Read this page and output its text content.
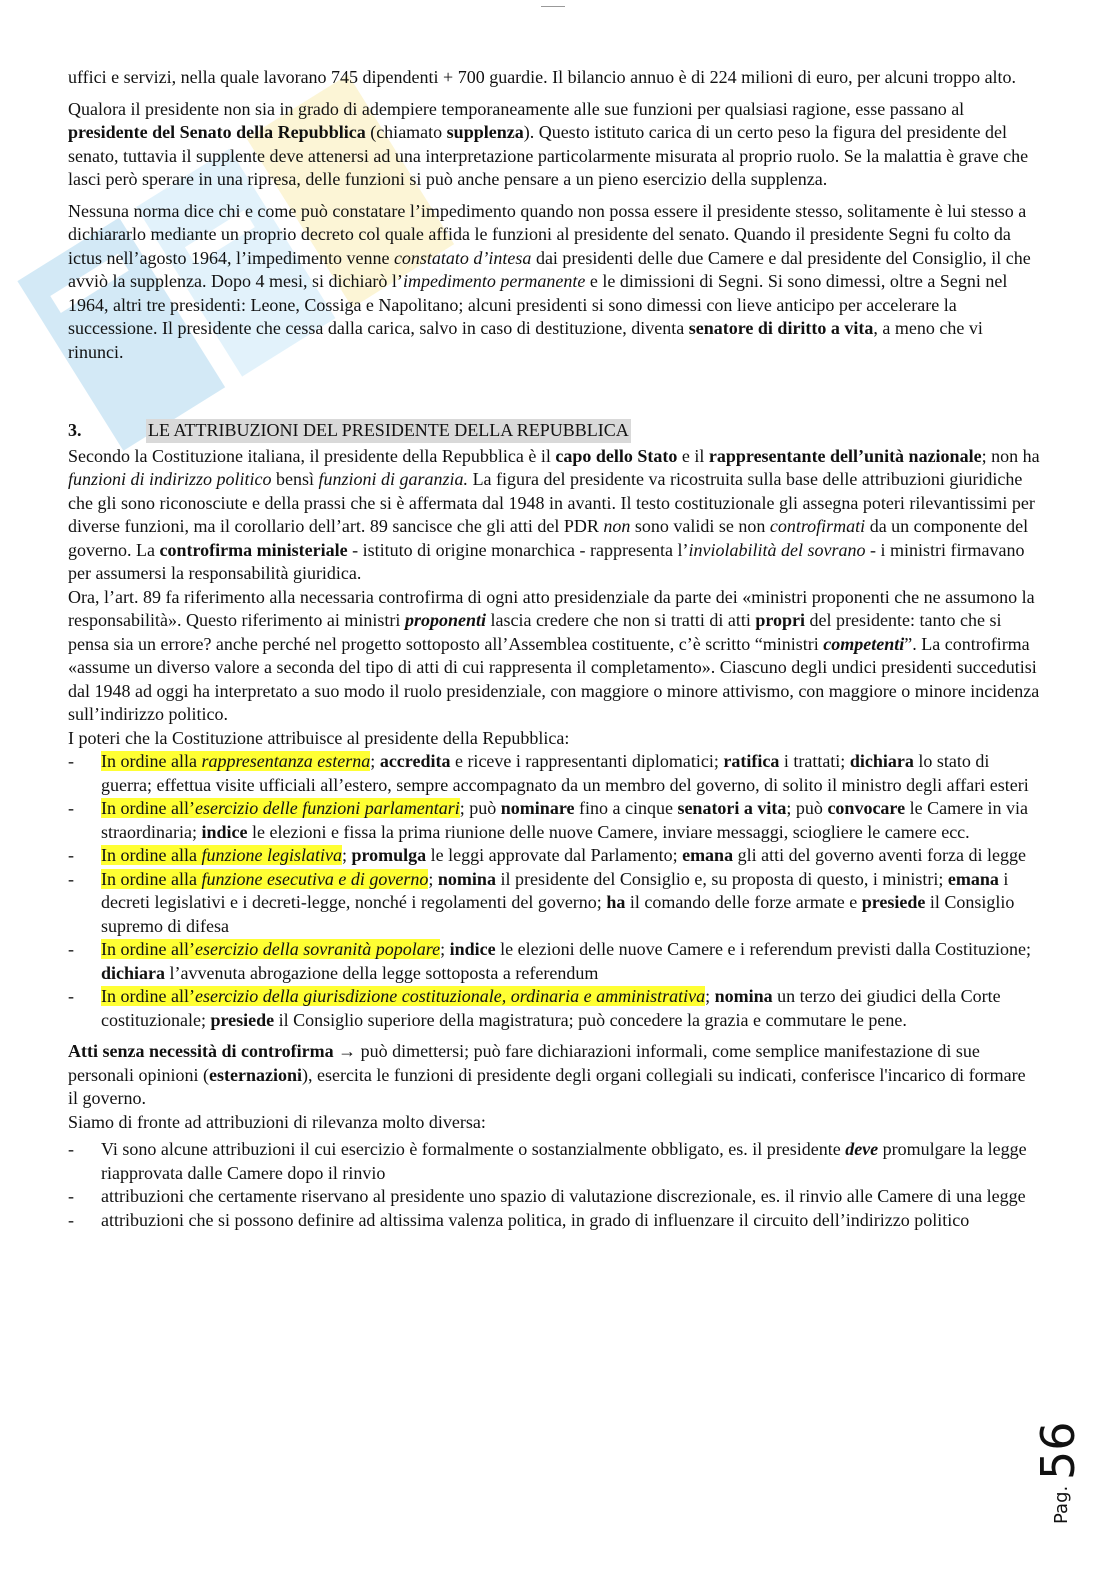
uffici e servizi, nella quale lavorano 745 dipendenti + 700 guardie. Il bilancio annuo è di 224 milioni di euro, per alcuni troppo alto.

Qualora il presidente non sia in grado di adempiere temporaneamente alle sue funzioni per qualsiasi ragione, esse passano al presidente del Senato della Repubblica (chiamato supplenza). Questo istituto carica di un certo peso la figura del presidente del senato, tuttavia il supplente deve attenersi ad una interpretazione particolarmente misurata al proprio ruolo. Se la malattia è grave che lasci però sperare in una ripresa, delle funzioni si può anche pensare a un pieno esercizio della supplenza.

Nessuna norma dice chi e come può constatare l’impedimento quando non possa essere il presidente stesso, solitamente è lui stesso a dichiararlo mediante un proprio decreto col quale affida le funzioni al presidente del senato. Quando il presidente Segni fu colto da ictus nell’agosto 1964, l’impedimento venne constatato d’intesa dai presidenti delle due Camere e dal presidente del Consiglio, il che avviò la supplenza. Dopo 4 mesi, si dichiarò l’impedimento permanente e le dimissioni di Segni. Si sono dimessi, oltre a Segni nel 1964, altri tre presidenti: Leone, Cossiga e Napolitano; alcuni presidenti si sono dimessi con lieve anticipo per accelerare la successione. Il presidente che cessa dalla carica, salvo in caso di destituzione, diventa senatore di diritto a vita, a meno che vi rinunci.

3.	LE ATTRIBUZIONI DEL PRESIDENTE DELLA REPUBBLICA

Secondo la Costituzione italiana, il presidente della Repubblica è il capo dello Stato e il rappresentante dell’unità nazionale; non ha funzioni di indirizzo politico bensì funzioni di garanzia. La figura del presidente va ricostruita sulla base delle attribuzioni giuridiche che gli sono riconosciute e della prassi che si è affermata dal 1948 in avanti. Il testo costituzionale gli assegna poteri rilevantissimi per diverse funzioni, ma il corollario dell’art. 89 sancisce che gli atti del PDR non sono validi se non controfirmati da un componente del governo. La controfirma ministeriale - istituto di origine monarchica - rappresenta l’inviolabilità del sovrano - i ministri firmavano per assumersi la responsabilità giuridica.

Ora, l’art. 89 fa riferimento alla necessaria controfirma di ogni atto presidenziale da parte dei «ministri proponenti che ne assumono la responsabilità». Questo riferimento ai ministri proponenti lascia credere che non si tratti di atti propri del presidente: tanto che si pensa sia un errore? anche perché nel progetto sottoposto all’Assemblea costituente, c’è scritto “ministri competenti”. La controfirma «assume un diverso valore a seconda del tipo di atti di cui rappresenta il completamento». Ciascuno degli undici presidenti succedutisi dal 1948 ad oggi ha interpretato a suo modo il ruolo presidenziale, con maggiore o minore attivismo, con maggiore o minore incidenza sull’indirizzo politico.

I poteri che la Costituzione attribuisce al presidente della Repubblica:

- In ordine alla rappresentanza esterna; accredita e riceve i rappresentanti diplomatici; ratifica i trattati; dichiara lo stato di guerra; effettua visite ufficiali all’estero, sempre accompagnato da un membro del governo, di solito il ministro degli affari esteri
- In ordine all’esercizio delle funzioni parlamentari; può nominare fino a cinque senatori a vita; può convocare le Camere in via straordinaria; indice le elezioni e fissa la prima riunione delle nuove Camere, inviare messaggi, sciogliere le camere ecc.
- In ordine alla funzione legislativa; promulga le leggi approvate dal Parlamento; emana gli atti del governo aventi forza di legge
- In ordine alla funzione esecutiva e di governo; nomina il presidente del Consiglio e, su proposta di questo, i ministri; emana i decreti legislativi e i decreti-legge, nonché i regolamenti del governo; ha il comando delle forze armate e presiede il Consiglio supremo di difesa
- In ordine all’esercizio della sovranità popolare; indice le elezioni delle nuove Camere e i referendum previsti dalla Costituzione; dichiara l’avvenuta abrogazione della legge sottoposta a referendum
- In ordine all’esercizio della giurisdizione costituzionale, ordinaria e amministrativa; nomina un terzo dei giudici della Corte costituzionale; presiede il Consiglio superiore della magistratura; può concedere la grazia e commutare le pene.

Atti senza necessità di controfirma → può dimettersi; può fare dichiarazioni informali, come semplice manifestazione di sue personali opinioni (esternazioni), esercita le funzioni di presidente degli organi collegiali su indicati, conferisce l'incarico di formare il governo.

Siamo di fronte ad attribuzioni di rilevanza molto diversa:

- Vi sono alcune attribuzioni il cui esercizio è formalmente o sostanzialmente obbligato, es. il presidente deve promulgare la legge riapprovata dalle Camere dopo il rinvio
- attribuzioni che certamente riservano al presidente uno spazio di valutazione discrezionale, es. il rinvio alle Camere di una legge
- attribuzioni che si possono definire ad altissima valenza politica, in grado di influenzare il circuito dell’indirizzo politico
56
Pag.
